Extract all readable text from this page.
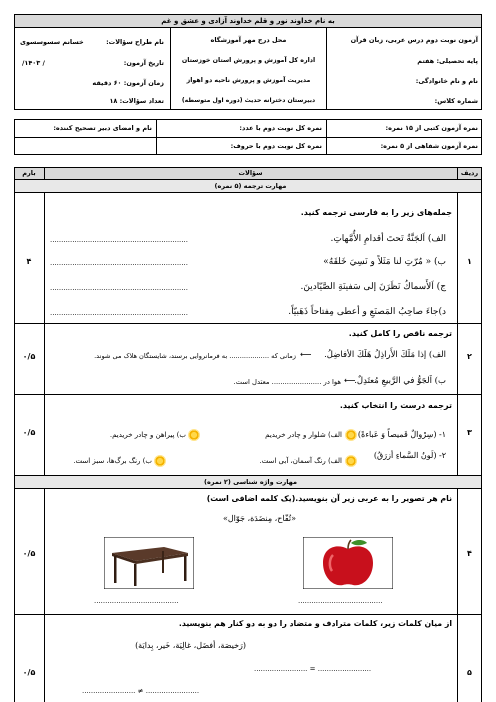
به نام خداوند نور و قلم خداوند آزادی و عشق و غم
آزمون نوبت دوم درس عربی، زبان قرآن
پایه تحصیلی: هفتم
نام و نام خانوادگی:
شماره کلاس:
محل درج مهر آموزشگاه
اداره کل آموزش و پرورش استان خوزستان
مدیریت آموزش و پرورش ناحیه دو اهواز
دبیرستان دخترانه حدیث (دوره اول متوسطه)
نام طراح سؤالات:
خسانم سسوسسوی
تاریخ آزمون:
/ ۱۴۰۳/
زمان آزمون: ۶۰ دقیقه
تعداد سؤالات: ۱۸
نمره آزمون کتبی از ۱۵ نمره:
نمره آزمون شفاهی از ۵ نمره:
نمره کل نوبت دوم با عدد:
نمره کل نوبت دوم با حروف:
نام و امضای دبیر تصحیح کننده:
ردیف
سؤالات
بارم
مهارت ترجمه (۵ نمره)
۱
۴
جمله‌های زیر را به فارسی ترجمه کنید.
الف) اَلجَنَّةُ تَحتَ أقدامِ الأُمَّهاتِ.
ب) « مُرّتِ لنا مَثَلاً و نَسِيَ خَلقَهُ»
ج) اَلأَسماكُ نَظَرَنَ إلی سَفينَةِ الصَّيّادينَ.
د)جاءَ صاحِبُ المَصنَعِ و أعطی مِفتاحاً ذَهَبيّاً.
..............................................................
..............................................................
..............................................................
..............................................................
۲
۰/۵
ترجمه ناقص را کامل کنید.
الف) إذا مَلَكَ الأَراذِلُ هَلَكَ الأفاضِلُ.
⟵
زمانی که ................... به فرمانروایی برسند، شایستگان هلاک می شوند.
ب) اَلجَوُّ في الرَّبيعِ مُعتَدِلٌ.
⟵
هوا در ....................... معتدل است.
۳
۰/۵
ترجمه درست را انتخاب کنید.
۱- (سِرْوالٌ قَميصاً وَ عَباءةً)
۲- (لَونُ السَّماءِ أزرَقُ)
الف) شلوار و چادر خریدیم
ب) پیراهن و چادر خریدیم.
الف) رنگ آسمان، آبی است.
ب) رنگ برگ‌ها، سبز است.
مهارت واژه شناسی (۲ نمره)
۴
۰/۵
نام هر تصویر را به عربی زیر آن بنویسید.(یک کلمه اضافی است)
«تُفّاح، مِنضَدَة، جَوّال»
......................................	......................................
۵
۰/۵
از میان کلمات زیر، کلمات مترادف و متضاد را دو به دو کنار هم بنویسید.
(رَخيصَة، أفضَل، غالِيَة، خَير، بِدايَة)
........................ = ........................
........................ ≠ ........................
